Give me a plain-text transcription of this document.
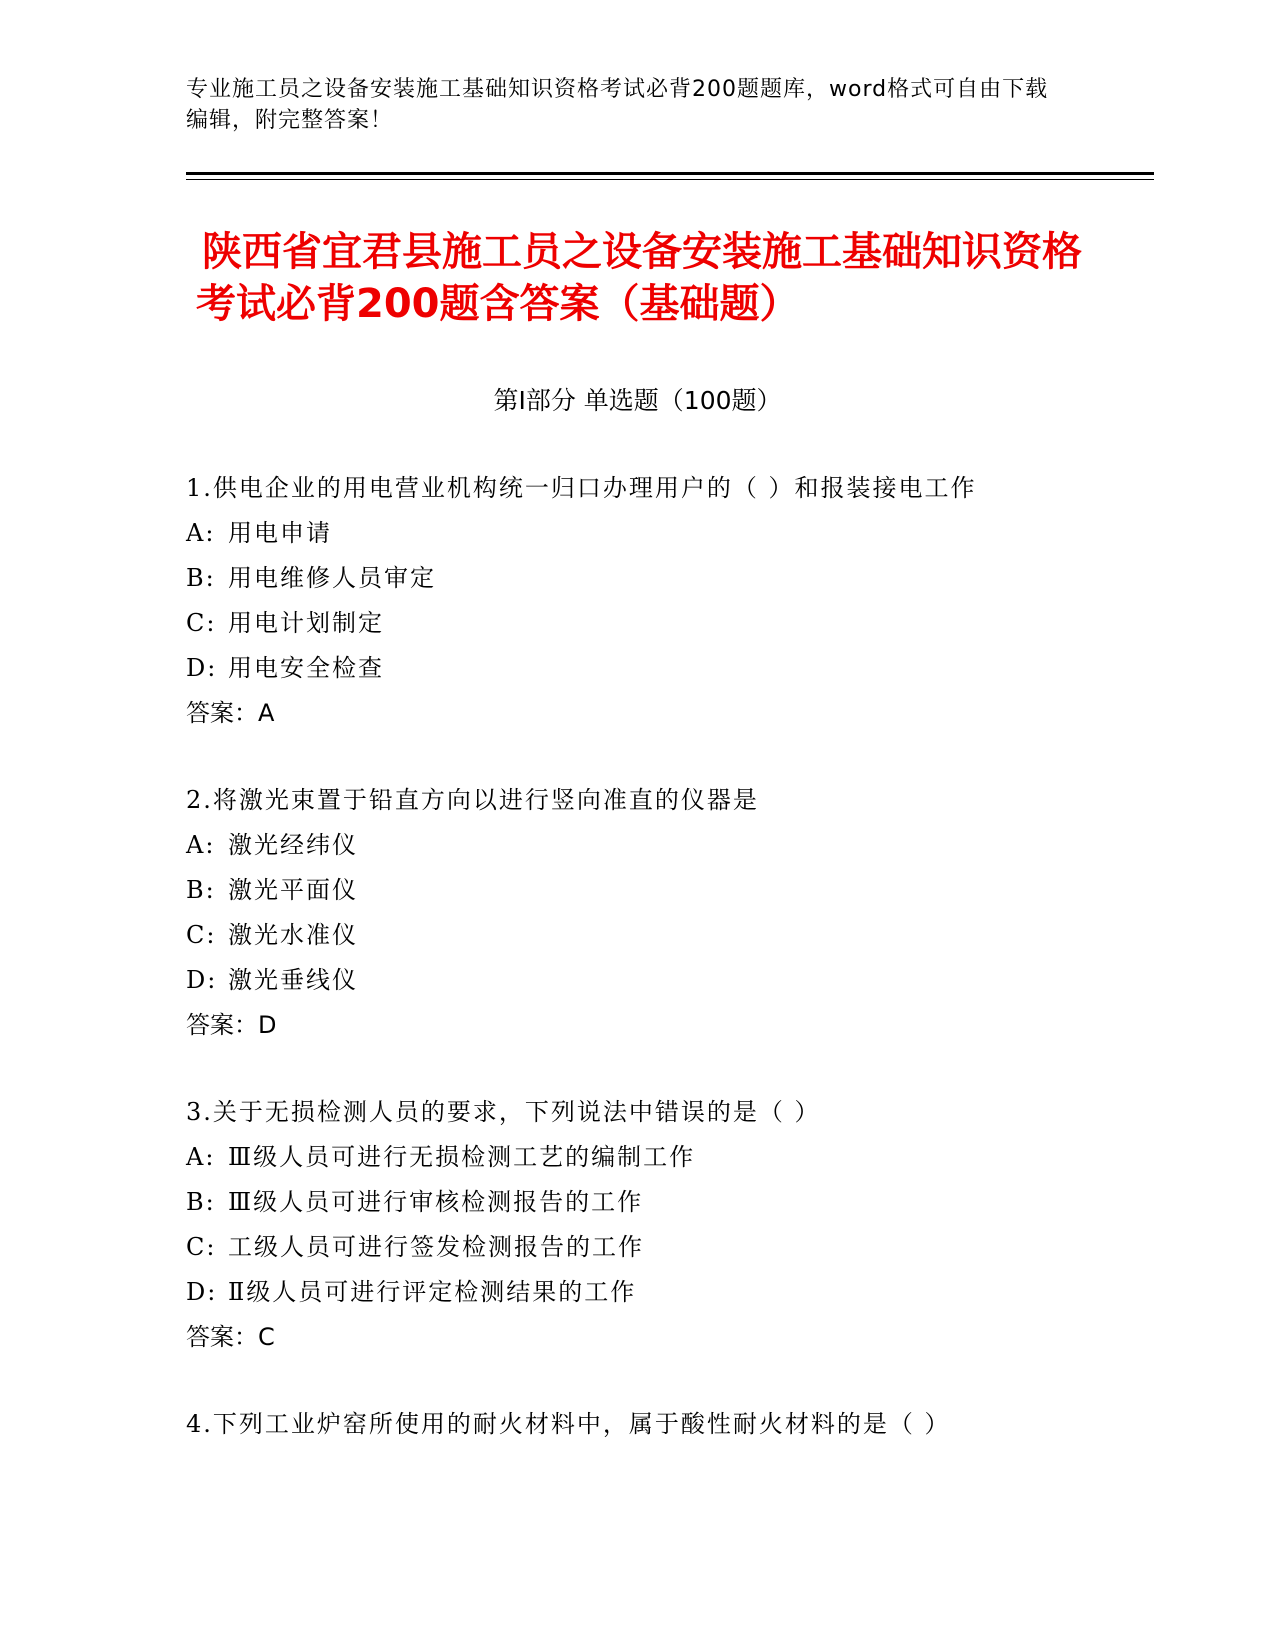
专业施工员之设备安装施工基础知识资格考试必背200题题库，word格式可自由下载编辑，附完整答案！
陕西省宜君县施工员之设备安装施工基础知识资格考试必背200题含答案（基础题）
第Ⅰ部分 单选题（100题）
1.供电企业的用电营业机构统一归口办理用户的（ ）和报装接电工作
A: 用电申请
B: 用电维修人员审定
C: 用电计划制定
D: 用电安全检查
答案：A
2.将激光束置于铅直方向以进行竖向准直的仪器是
A: 激光经纬仪
B: 激光平面仪
C: 激光水准仪
D: 激光垂线仪
答案：D
3.关于无损检测人员的要求，下列说法中错误的是（ ）
A: Ⅲ级人员可进行无损检测工艺的编制工作
B: Ⅲ级人员可进行审核检测报告的工作
C: 工级人员可进行签发检测报告的工作
D: Ⅱ级人员可进行评定检测结果的工作
答案：C
4.下列工业炉窑所使用的耐火材料中，属于酸性耐火材料的是（ ）
